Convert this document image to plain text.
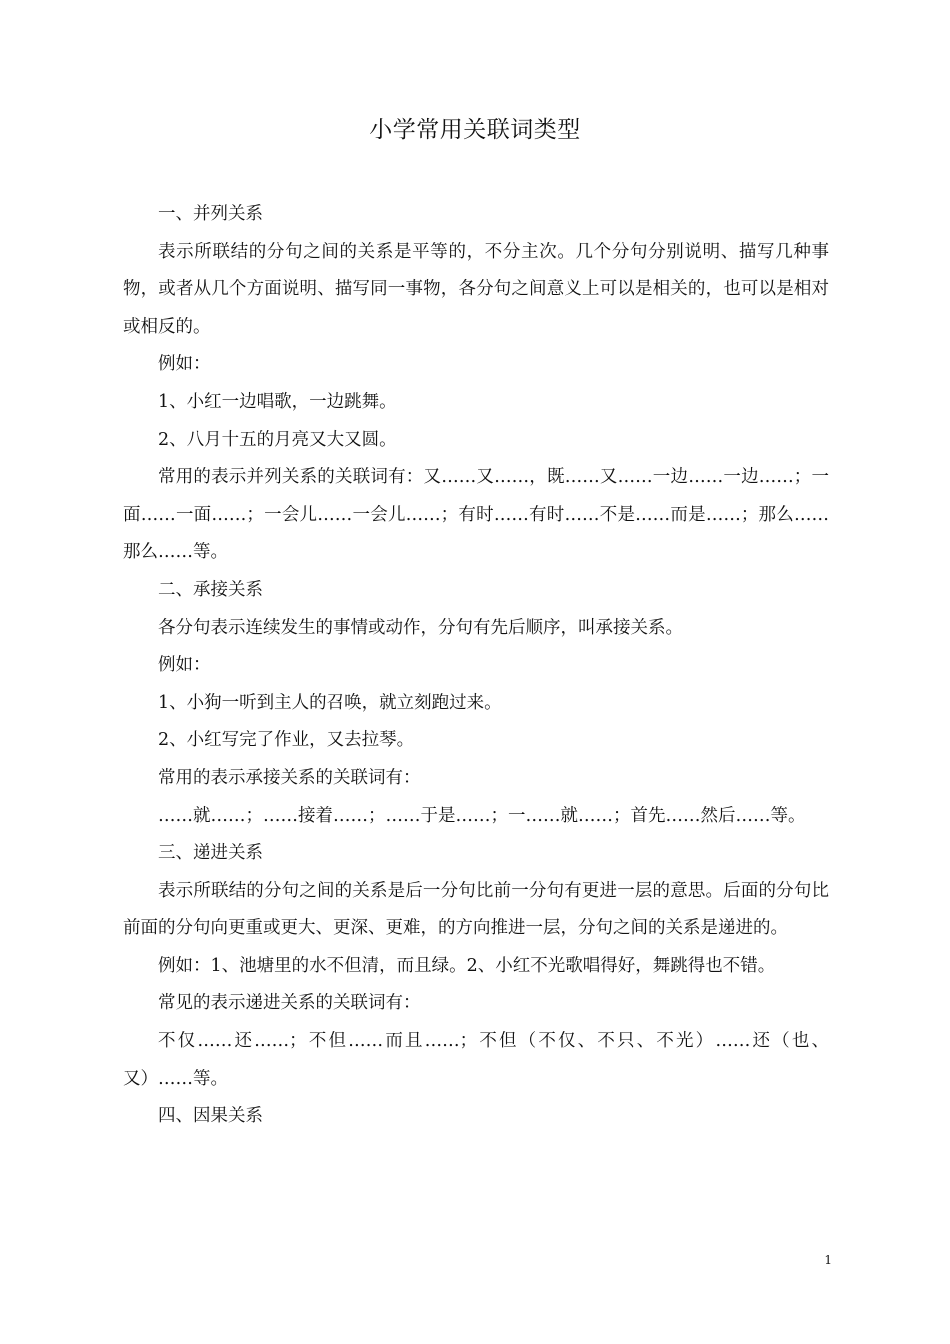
小学常用关联词类型

一、并列关系

表示所联结的分句之间的关系是平等的，不分主次。几个分句分别说明、描写几种事物，或者从几个方面说明、描写同一事物，各分句之间意义上可以是相关的，也可以是相对或相反的。

例如：

1、小红一边唱歌，一边跳舞。

2、八月十五的月亮又大又圆。

常用的表示并列关系的关联词有：又……又……，既……又……一边……一边……；一面……一面……；一会儿……一会儿……；有时……有时……不是……而是……；那么……那么……等。

二、承接关系

各分句表示连续发生的事情或动作，分句有先后顺序，叫承接关系。

例如：

1、小狗一听到主人的召唤，就立刻跑过来。

2、小红写完了作业，又去拉琴。

常用的表示承接关系的关联词有：

……就……；……接着……；……于是……；一……就……；首先……然后……等。

三、递进关系

表示所联结的分句之间的关系是后一分句比前一分句有更进一层的意思。后面的分句比前面的分句向更重或更大、更深、更难，的方向推进一层，分句之间的关系是递进的。

例如：1、池塘里的水不但清，而且绿。2、小红不光歌唱得好，舞跳得也不错。

常见的表示递进关系的关联词有：

不仅……还……；不但……而且……；不但（不仅、不只、不光）……还（也、又）……等。

四、因果关系

1
